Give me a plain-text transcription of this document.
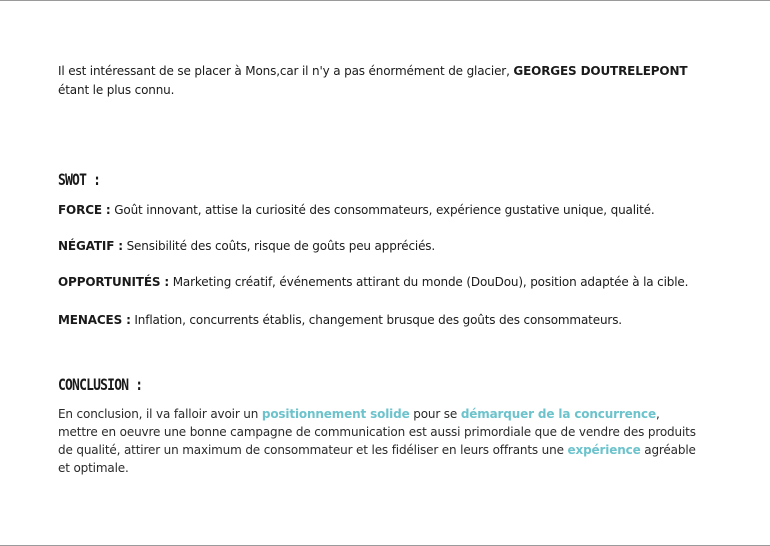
Il est intéressant de se placer à Mons,car il n'y a pas énormément de glacier, GEORGES DOUTRELEPONT étant le plus connu.

SWOT :
FORCE : Goût innovant, attise la curiosité des consommateurs, expérience gustative unique, qualité.
NÉGATIF : Sensibilité des coûts, risque de goûts peu appréciés.
OPPORTUNITÉS : Marketing créatif, événements attirant du monde (DouDou), position adaptée à la cible.
MENACES : Inflation, concurrents établis, changement brusque des goûts des consommateurs.
CONCLUSION :

En conclusion, il va falloir avoir un positionnement solide pour se démarquer de la concurrence, mettre en oeuvre une bonne campagne de communication est aussi primordiale que de vendre des produits de qualité, attirer un maximum de consommateur et les fidéliser en leurs offrants une expérience agréable et optimale.
